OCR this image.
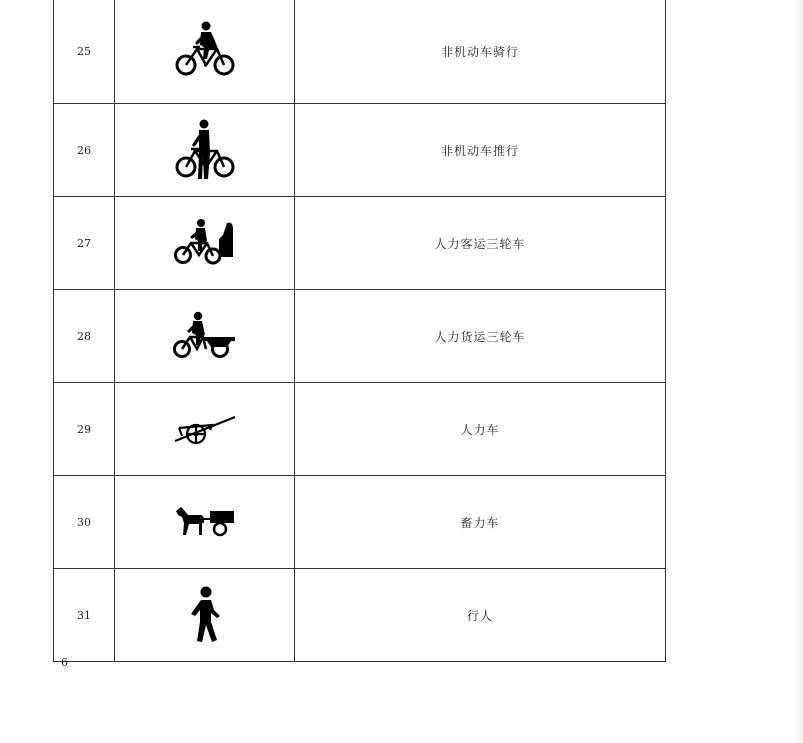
25		非机动车骑行
26		非机动车推行
27		人力客运三轮车
28		人力货运三轮车
29		人力车
30		畜力车
31		行人
6
